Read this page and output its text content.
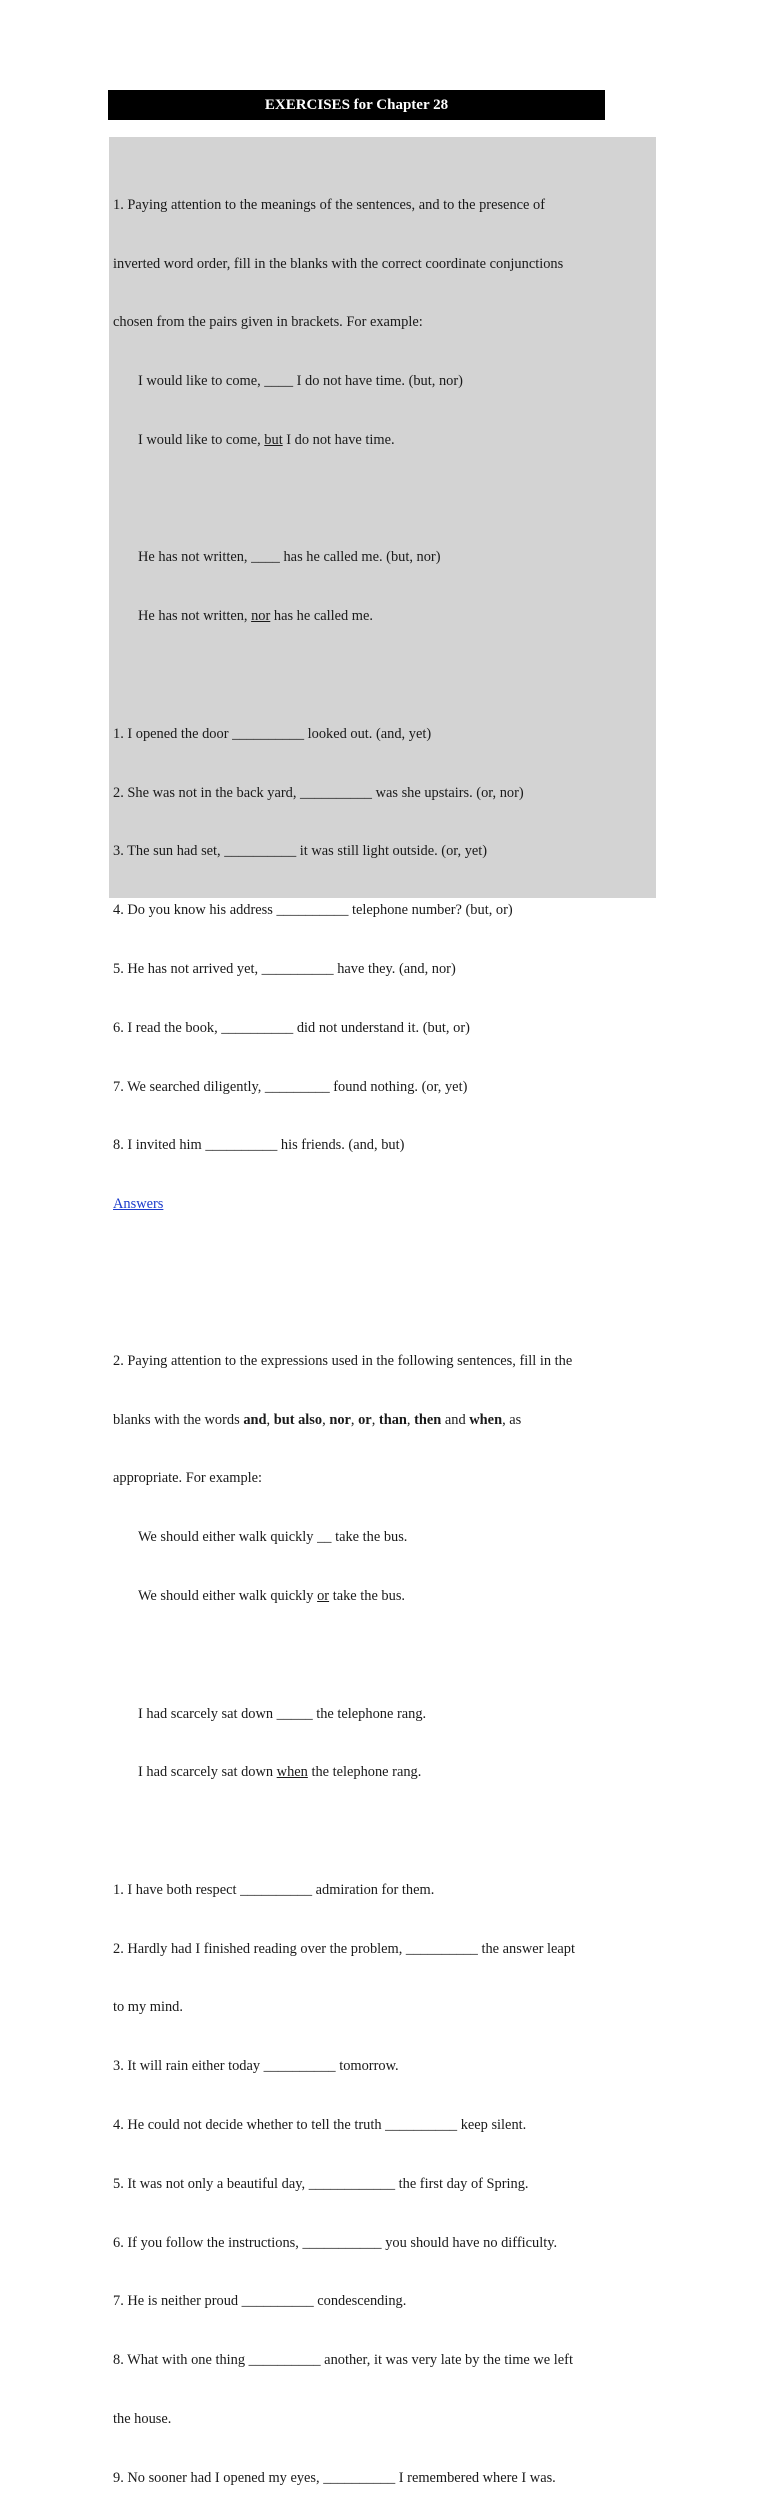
EXERCISES for Chapter 28

1. Paying attention to the meanings of the sentences, and to the presence of

inverted word order, fill in the blanks with the correct coordinate conjunctions

chosen from the pairs given in brackets. For example:

I would like to come, ____ I do not have time. (but, nor)

I would like to come, but I do not have time.

He has not written, ____ has he called me. (but, nor)

He has not written, nor has he called me.

1. I opened the door __________ looked out. (and, yet)

2. She was not in the back yard, __________ was she upstairs. (or, nor)

3. The sun had set, __________ it was still light outside. (or, yet)

4. Do you know his address __________ telephone number? (but, or)

5. He has not arrived yet, __________ have they. (and, nor)

6. I read the book, __________ did not understand it. (but, or)

7. We searched diligently, _________ found nothing. (or, yet)

8. I invited him __________ his friends. (and, but)

Answers

2. Paying attention to the expressions used in the following sentences, fill in the

blanks with the words and, but also, nor, or, than, then and when, as

appropriate. For example:

We should either walk quickly __ take the bus.

We should either walk quickly or take the bus.

I had scarcely sat down _____ the telephone rang.

I had scarcely sat down when the telephone rang.

1. I have both respect __________ admiration for them.

2. Hardly had I finished reading over the problem, __________ the answer leapt

to my mind.

3. It will rain either today __________ tomorrow.

4. He could not decide whether to tell the truth __________ keep silent.

5. It was not only a beautiful day, ____________ the first day of Spring.

6. If you follow the instructions, ___________ you should have no difficulty.

7. He is neither proud __________ condescending.

8. What with one thing __________ another, it was very late by the time we left

the house.

9. No sooner had I opened my eyes, __________ I remembered where I was.
